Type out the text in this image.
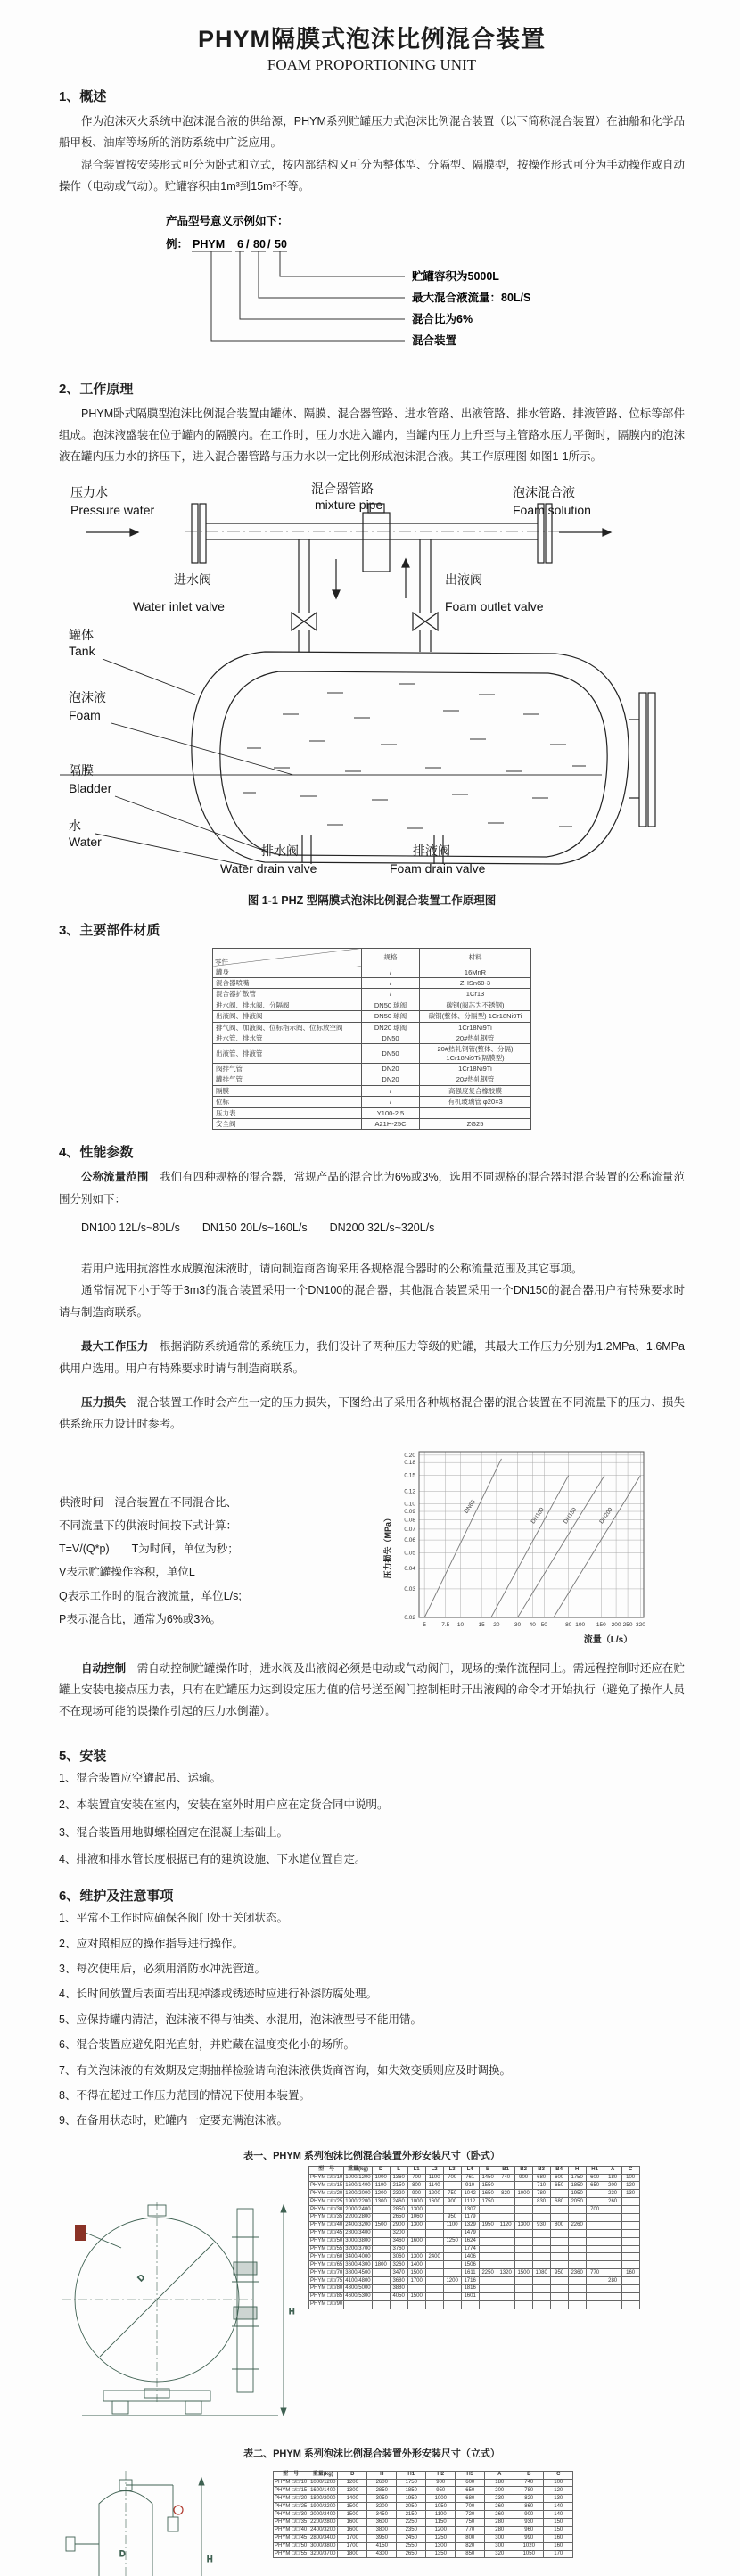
PHYM隔膜式泡沫比例混合装置
FOAM PROPORTIONING UNIT
1、概述

作为泡沫灭火系统中泡沫混合液的供给源，PHYM系列贮罐压力式泡沫比例混合装置（以下简称混合装置）在油船和化学品船甲板、油库等场所的消防系统中广泛应用。

混合装置按安装形式可分为卧式和立式，按内部结构又可分为整体型、分隔型、隔膜型，按操作形式可分为手动操作或自动操作（电动或气动）。贮罐容积由1m³到15m³不等。

产品型号意义示例如下：
例： PHYM 6 / 80 / 50
贮罐容积为5000L
最大混合液流量：80L/S
混合比为6%
混合装置
2、工作原理

PHYM卧式隔膜型泡沫比例混合装置由罐体、隔膜、混合器管路、进水管路、出液管路、排水管路、排液管路、位标等部件组成。泡沫液盛装在位于罐内的隔膜内。在工作时，压力水进入罐内，当罐内压力上升至与主管路水压力平衡时，隔膜内的泡沫液在罐内压力水的挤压下，进入混合器管路与压力水以一定比例形成泡沫混合液。其工作原理图 如图1-1所示。

压力水
Pressure water
混合器管路
mixture pipe
泡沫混合液
Foam solution
进水阀
Water inlet valve
出液阀
Foam outlet valve
罐体
Tank
泡沫液
Foam
隔膜
Bladder
水
Water
排水阀
Water drain valve
排液阀
Foam drain valve
图 1-1 PHZ 型隔膜式泡沫比例混合装置工作原理图
3、主要部件材质
零件	规格	材料
罐身	/	16MnR
混合器喷嘴	/	ZHSn60-3
混合器扩散管	/	1Cr13
进水阀、排水阀、分隔阀	DN50 球阀	碳钢(阀芯为不锈钢)
出液阀、排液阀	DN50 球阀	碳钢(整体、分隔型) 1Cr18Ni9Ti
排气阀、加液阀、位标指示阀、位标放空阀	DN20 球阀	1Cr18Ni9Ti
进水管、排水管	DN50	20#热轧钢管
出液管、排液管	DN50	20#热轧钢管(整体、分隔) 1Cr18Ni9Ti(隔膜型)
阀排气管	DN20	1Cr18Ni9Ti
罐排气管	DN20	20#热轧钢管
隔膜	/	高强度复合橡胶膜
位标	/	有机玻璃管 φ20×3
压力表	Y100-2.5	
安全阀	A21H-25C	ZG25
4、性能参数

公称流量范围　 我们有四种规格的混合器，常规产品的混合比为6%或3%，选用不同规格的混合器时混合装置的公称流量范围分别如下：

DN100 12L/s~80L/s　　DN150 20L/s~160L/s　　DN200 32L/s~320L/s

若用户选用抗溶性水成膜泡沫液时，请向制造商咨询采用各规格混合器时的公称流量范围及其它事项。

通常情况下小于等于3m3的混合装置采用一个DN100的混合器，其他混合装置采用一个DN150的混合器用户有特殊要求时请与制造商联系。

最大工作压力　 根据消防系统通常的系统压力，我们设计了两种压力等级的贮罐，其最大工作压力分别为1.2MPa、1.6MPa供用户选用。用户有特殊要求时请与制造商联系。

压力损失　 混合装置工作时会产生一定的压力损失，下图给出了采用各种规格混合器的混合装置在不同流量下的压力、损失供系统压力设计时参考。

供液时间　混合装置在不同混合比、

不同流量下的供液时间按下式计算：

T=V/(Q*p)　　T为时间，单位为秒；

V表示贮罐操作容积，单位L

Q表示工作时的混合液流量，单位L/s;

P表示混合比，通常为6%或3%。	0.02
0.03
0.04
0.05
0.06
0.07
0.08
0.09
0.10
0.12
0.15
0.18
0.20
5	7.5 10	15 20	30 40 50	80 100 150 200 250 320
DN65	DN100	DN150	DN200
压力损失（MPa）
流量（L/s）

自动控制　 需自动控制贮罐操作时，进水阀及出液阀必须是电动或气动阀门，现场的操作流程同上。需远程控制时还应在贮罐上安装电接点压力表，只有在贮罐压力达到设定压力值的信号送至阀门控制柜时开出液阀的命令才开始执行（避免了操作人员不在现场可能的误操作引起的压力水倒灌）。

5、安装

1、混合装置应空罐起吊、运输。

2、本装置宜安装在室内，安装在室外时用户应在定货合同中说明。

3、混合装置用地脚螺栓固定在混凝土基础上。

4、排液和排水管长度根据已有的建筑设施、下水道位置自定。

6、维护及注意事项

1、平常不工作时应确保各阀门处于关闭状态。

2、应对照相应的操作指导进行操作。

3、每次使用后，必须用消防水冲洗管道。

4、长时间放置后表面若出现掉漆或锈迹时应进行补漆防腐处理。

5、应保持罐内清洁，泡沫液不得与油类、水混用，泡沫液型号不能用错。

6、混合装置应避免阳光直射，并贮藏在温度变化小的场所。

7、有关泡沫液的有效期及定期抽样检验请向泡沫液供货商咨询，如失效变质则应及时调换。

8、不得在超过工作压力范围的情况下使用本装置。

9、在备用状态时，贮罐内一定要充满泡沫液。

表一、PHYM 系列泡沫比例混合装置外形安装尺寸（卧式）
H
D
型　号	重量(kg)	D	L	L1	L2	L3	L4	B	B1	B2	B3	B4	H	H1	A	C
PHYM □/□/10	1000/1200	1000	1360	700	1100	700	761	1450	740	900	680	600	1750	600	180	100
PHYM □/□/15	1600/1400	1100	2150	800	1140		910	1550			710	650	1850	650	200	120
PHYM □/□/20	1800/2000	1200	2320	900	1200	750	1042	1650	820	1000	780		1950		230	130
PHYM □/□/25	1900/2200	1300	2460	1000	1600	900	1112	1750			830	680	2050		260	
PHYM □/□/30	2000/2400		2850	1300			1307							700		
PHYM □/□/35	2200/2800		2650	1060		950	1179									
PHYM □/□/40	2400/3200	1500	2900	1300		1100	1329	1950	1120	1300	930	800	2260			
PHYM □/□/45	2800/3400		3200				1479									
PHYM □/□/50	3000/3800		3460	1600		1250	1624									
PHYM □/□/55	3200/3700		3760				1774									
PHYM □/□/60	3400/4000		3060	1300	2400		1406									
PHYM □/□/65	3600/4300	1800	3260	1400			1506									
PHYM □/□/70	3800/4500		3470	1500			1611	2250	1320	1500	1080	950	2360	770		160
PHYM □/□/75	4100/4800		3680	1700		1200	1716								280	
PHYM □/□/80	4300/5000		3880				1816									
PHYM □/□/85	4600/5300		4050	1500			1601									
PHYM □/□/90																
表二、PHYM 系列泡沫比例混合装置外形安装尺寸（立式）
H
D
型　号	重量(kg)	D	H	H1	H2	H3	A	B	C
PHYM □/□/10	1000/1200	1200	2600	1750	900	600	180	740	100
PHYM □/□/15	1600/1400	1300	2850	1850	950	650	200	780	120
PHYM □/□/20	1800/2000	1400	3050	1950	1000	680	230	820	130
PHYM □/□/25	1900/2200	1500	3200	2050	1050	700	260	860	140
PHYM □/□/30	2000/2400	1500	3450	2150	1100	720	260	900	140
PHYM □/□/35	2200/2800	1600	3600	2250	1150	750	280	930	150
PHYM □/□/40	2400/3200	1600	3800	2350	1200	770	280	960	150
PHYM □/□/45	2800/3400	1700	3950	2450	1250	800	300	990	160
PHYM □/□/50	3000/3800	1700	4150	2550	1300	820	300	1020	160
PHYM □/□/55	3200/3700	1800	4300	2650	1350	850	320	1050	170
